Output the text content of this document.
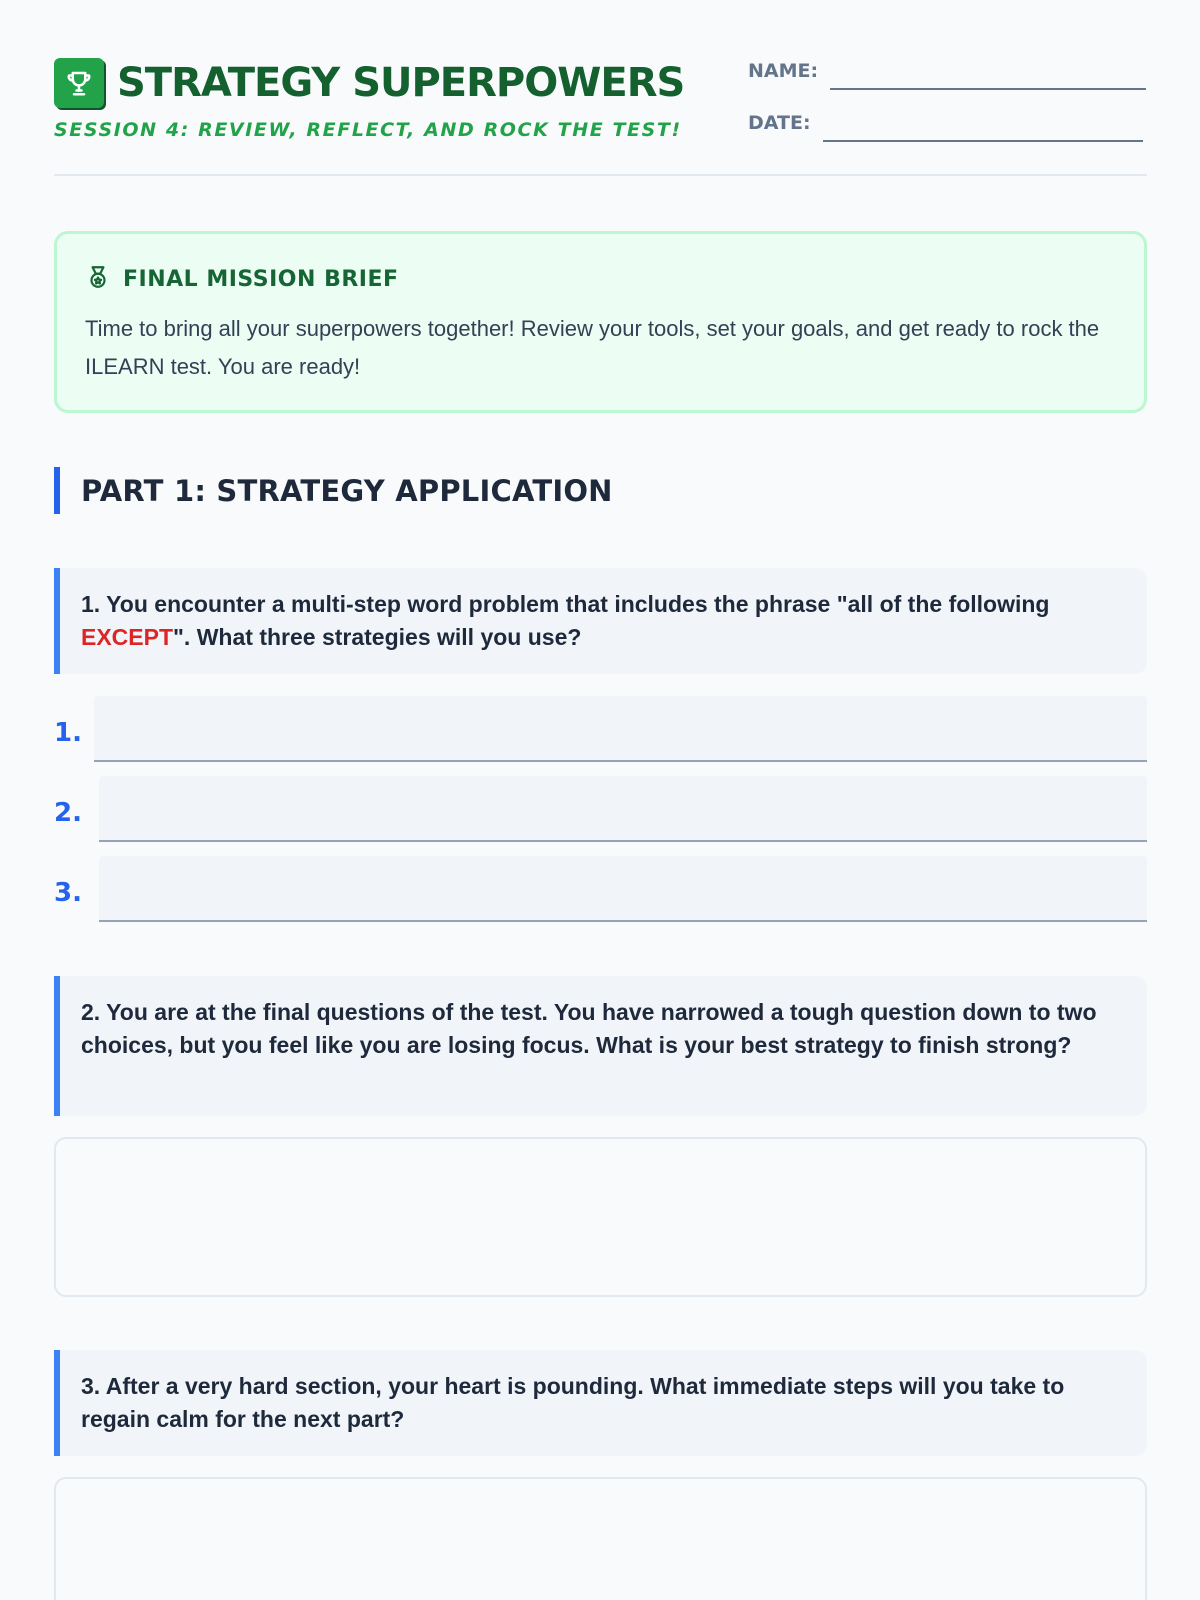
STRATEGY SUPERPOWERS
SESSION 4: REVIEW, REFLECT, AND ROCK THE TEST!
NAME:
DATE:
FINAL MISSION BRIEF
Time to bring all your superpowers together! Review your tools, set your goals, and get ready to rock the ILEARN test. You are ready!
PART 1: STRATEGY APPLICATION
1. You encounter a multi-step word problem that includes the phrase "all of the following EXCEPT". What three strategies will you use?
1.
2.
3.
2. You are at the final questions of the test. You have narrowed a tough question down to two choices, but you feel like you are losing focus. What is your best strategy to finish strong?
3. After a very hard section, your heart is pounding. What immediate steps will you take to regain calm for the next part?
